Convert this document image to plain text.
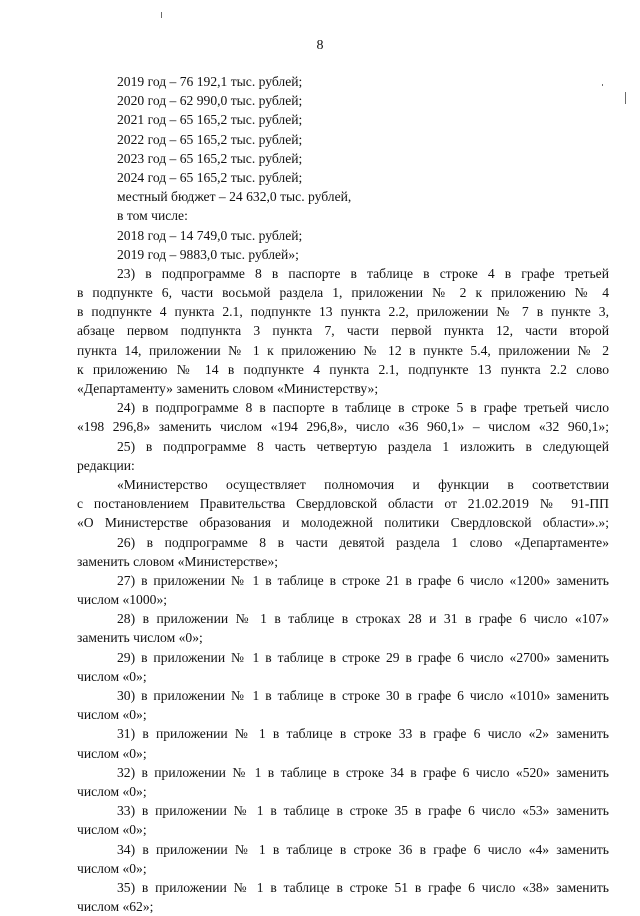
8
2019 год – 76 192,1 тыс. рублей;
2020 год – 62 990,0 тыс. рублей;
2021 год – 65 165,2 тыс. рублей;
2022 год – 65 165,2 тыс. рублей;
2023 год – 65 165,2 тыс. рублей;
2024 год – 65 165,2 тыс. рублей;
местный бюджет – 24 632,0 тыс. рублей,
в том числе:
2018 год – 14 749,0 тыс. рублей;
2019 год – 9883,0 тыс. рублей»;
23) в подпрограмме 8 в паспорте в таблице в строке 4 в графе третьей
в подпункте 6, части восьмой раздела 1, приложении № 2 к приложению № 4
в подпункте 4 пункта 2.1, подпункте 13 пункта 2.2, приложении № 7 в пункте 3,
абзаце первом подпункта 3 пункта 7, части первой пункта 12, части второй
пункта 14, приложении № 1 к приложению № 12 в пункте 5.4, приложении № 2
к приложению № 14 в подпункте 4 пункта 2.1, подпункте 13 пункта 2.2 слово
«Департаменту» заменить словом «Министерству»;
24) в подпрограмме 8 в паспорте в таблице в строке 5 в графе третьей число
«198 296,8» заменить числом «194 296,8», число «36 960,1» – числом «32 960,1»;
25) в подпрограмме 8 часть четвертую раздела 1 изложить в следующей
редакции:
«Министерство осуществляет полномочия и функции в соответствии
с постановлением Правительства Свердловской области от 21.02.2019 № 91-ПП
«О Министерстве образования и молодежной политики Свердловской области».»;
26) в подпрограмме 8 в части девятой раздела 1 слово «Департаменте»
заменить словом «Министерстве»;
27) в приложении № 1 в таблице в строке 21 в графе 6 число «1200» заменить
числом «1000»;
28) в приложении № 1 в таблице в строках 28 и 31 в графе 6 число «107»
заменить числом «0»;
29) в приложении № 1 в таблице в строке 29 в графе 6 число «2700» заменить
числом «0»;
30) в приложении № 1 в таблице в строке 30 в графе 6 число «1010» заменить
числом «0»;
31) в приложении № 1 в таблице в строке 33 в графе 6 число «2» заменить
числом «0»;
32) в приложении № 1 в таблице в строке 34 в графе 6 число «520» заменить
числом «0»;
33) в приложении № 1 в таблице в строке 35 в графе 6 число «53» заменить
числом «0»;
34) в приложении № 1 в таблице в строке 36 в графе 6 число «4» заменить
числом «0»;
35) в приложении № 1 в таблице в строке 51 в графе 6 число «38» заменить
числом «62»;
